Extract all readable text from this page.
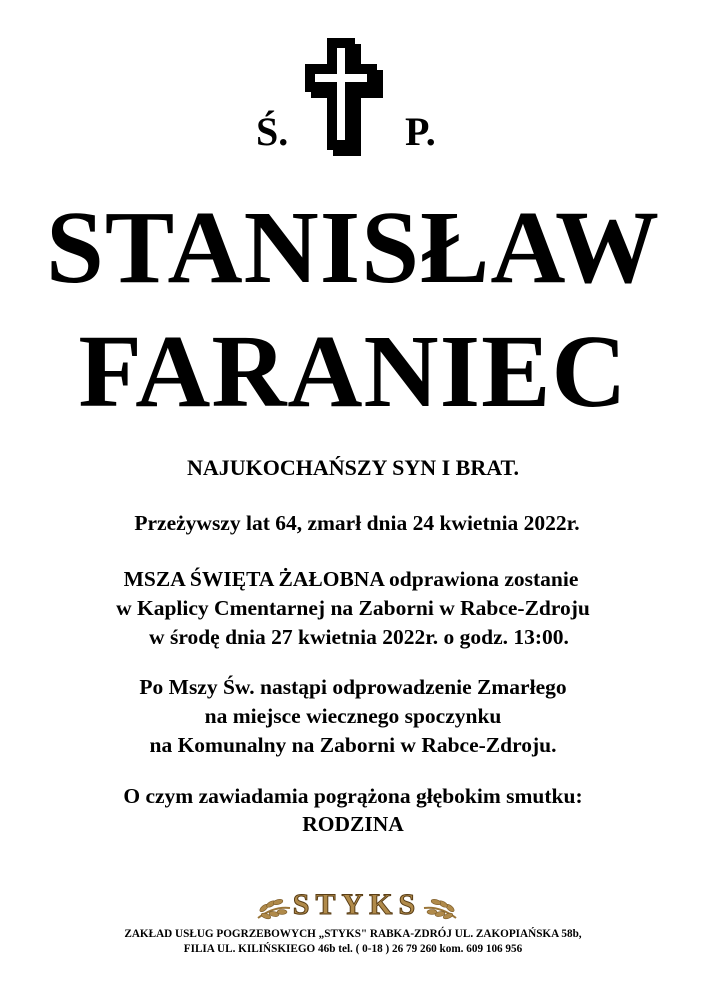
Ś.	P.
STANISŁAW
FARANIEC
NAJUKOCHAŃSZY SYN I BRAT.
Przeżywszy lat 64, zmarł dnia 24 kwietnia 2022r.
MSZA ŚWIĘTA ŻAŁOBNA odprawiona zostanie
w Kaplicy Cmentarnej na Zaborni w Rabce-Zdroju
w środę dnia 27 kwietnia 2022r. o godz. 13:00.
Po Mszy Św. nastąpi odprowadzenie Zmarłego
na miejsce wiecznego spoczynku
na Komunalny na Zaborni w Rabce-Zdroju.
O czym zawiadamia pogrążona głębokim smutku:
RODZINA
STYKS
ZAKŁAD USŁUG POGRZEBOWYCH „STYKS" RABKA-ZDRÓJ UL. ZAKOPIAŃSKA 58b,
FILIA UL. KILIŃSKIEGO 46b tel. ( 0-18 ) 26 79 260 kom. 609 106 956
